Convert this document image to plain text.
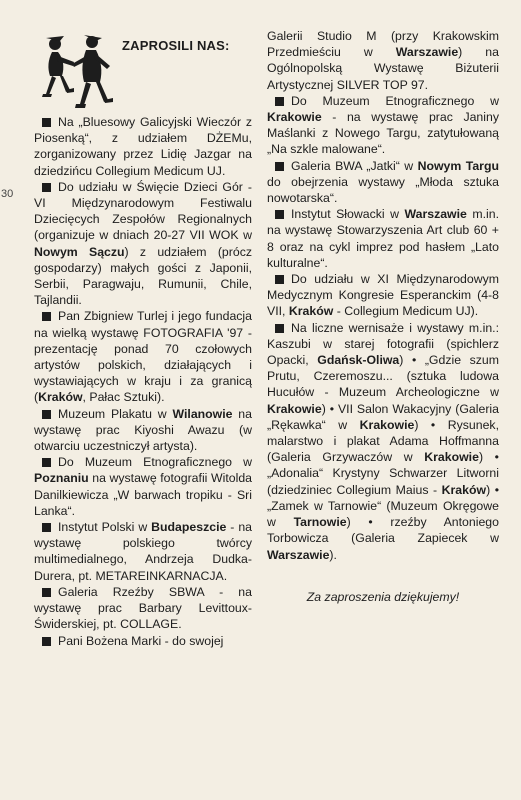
30
ZAPROSILI NAS:

Na „Bluesowy Galicyjski Wieczór z Piosenką“, z udziałem DŻEMu, zorganizowany przez Lidię Jazgar na dziedzińcu Collegium Medicum UJ.

Do udziału w Święcie Dzieci Gór - VI Międzynarodowym Festiwalu Dziecięcych Zespołów Regionalnych (organizuje w dniach 20-27 VII WOK w Nowym Sączu) z udziałem (prócz gospodarzy) małych gości z Japonii, Serbii, Paragwaju, Rumunii, Chile, Tajlandii.

Pan Zbigniew Turlej i jego fundacja na wielką wystawę FOTOGRAFIA '97 - prezentację ponad 70 czołowych artystów polskich, działających i wystawiających w kraju i za granicą (Kraków, Pałac Sztuki).

Muzeum Plakatu w Wilanowie na wystawę prac Kiyoshi Awazu (w otwarciu uczestniczył artysta).

Do Muzeum Etnograficznego w Poznaniu na wystawę fotografii Witolda Danilkiewicza „W barwach tropiku - Sri Lanka“.

Instytut Polski w Budapeszcie - na wystawę polskiego twórcy multimedialnego, Andrzeja Dudka-Durera, pt. METAREINKARNACJA.

Galeria Rzeźby SBWA - na wystawę prac Barbary Levittoux-Świderskiej, pt. COLLAGE.

Pani Bożena Marki - do swojej

Galerii Studio M (przy Krakowskim Przedmieściu w Warszawie) na Ogólnopolską Wystawę Biżuterii Artystycznej SILVER TOP 97.

Do Muzeum Etnograficznego w Krakowie - na wystawę prac Janiny Maślanki z Nowego Targu, zatytułowaną „Na szkle malowane“.

Galeria BWA „Jatki“ w Nowym Targu do obejrzenia wystawy „Młoda sztuka nowotarska“.

Instytut Słowacki w Warszawie m.in. na wystawę Stowarzyszenia Art club 60 + 8 oraz na cykl imprez pod hasłem „Lato kulturalne“.

Do udziału w XI Międzynarodowym Medycznym Kongresie Esperanckim (4-8 VII, Kraków - Collegium Medicum UJ).

Na liczne wernisaże i wystawy m.in.: Kaszubi w starej fotografii (spichlerz Opacki, Gdańsk-Oliwa) • „Gdzie szum Prutu, Czeremoszu... (sztuka ludowa Hucułów - Muzeum Archeologiczne w Krakowie) • VII Salon Wakacyjny (Galeria „Rękawka“ w Krakowie) • Rysunek, malarstwo i plakat Adama Hoffmanna (Galeria Grzywaczów w Krakowie) • „Adonalia“ Krystyny Schwarzer Litworni (dziedziniec Collegium Maius - Kraków) • „Zamek w Tarnowie“ (Muzeum Okręgowe w Tarnowie) • rzeźby Antoniego Torbowicza (Galeria Zapiecek w Warszawie).

Za zaproszenia dziękujemy!
